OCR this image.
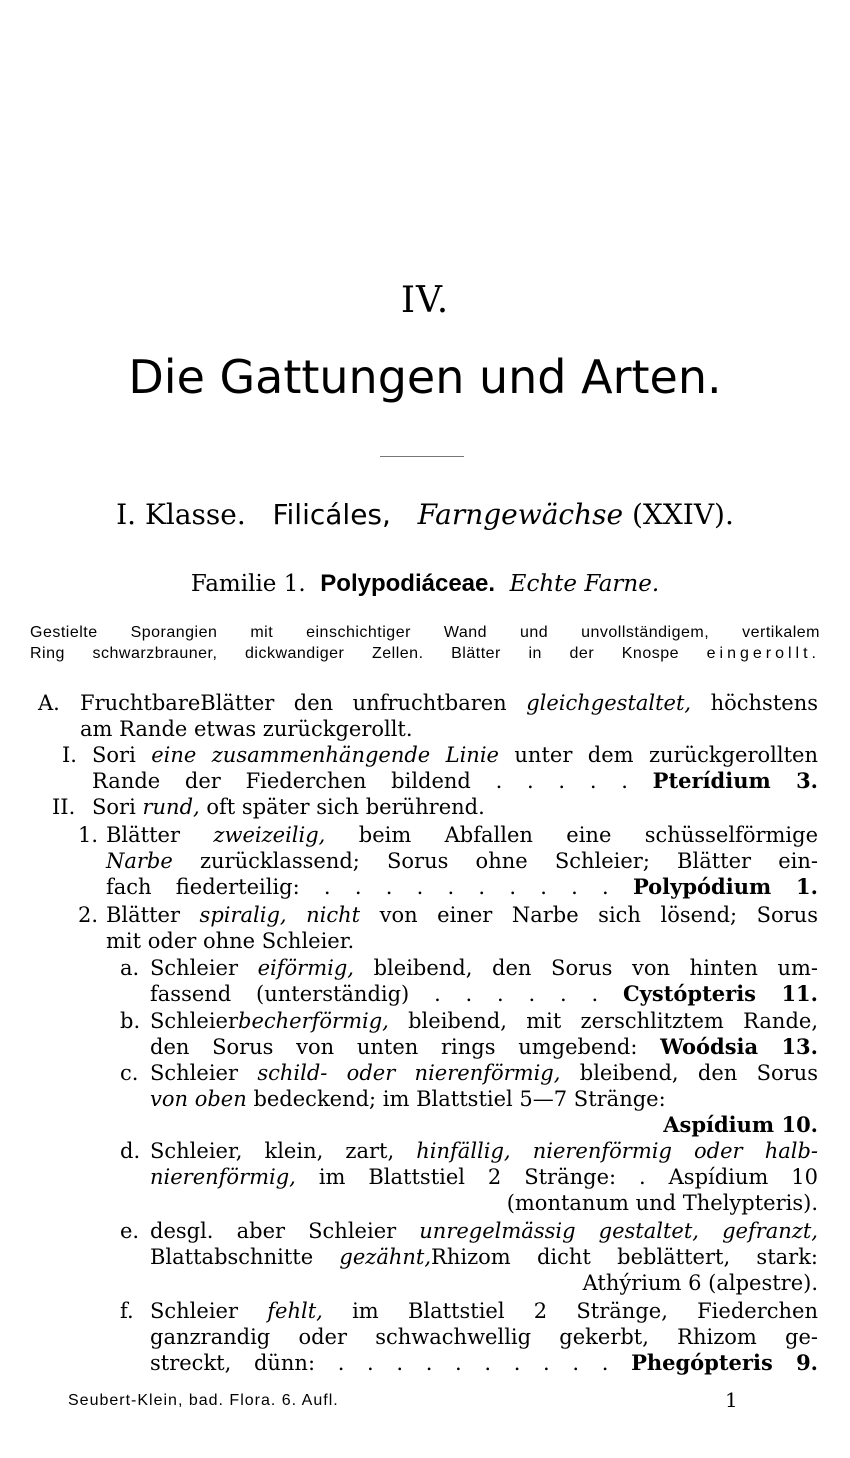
IV.
Die Gattungen und Arten.
I. Klasse. Filicáles, Farngewächse (XXIV).
Familie 1. Polypodiáceae. Echte Farne.
Gestielte Sporangien mit einschichtiger Wand und unvollständigem, vertikalem
Ring schwarzbrauner, dickwandiger Zellen. Blätter in der Knospe eingerollt.
A. FruchtbareBlätter den unfruchtbaren gleichgestaltet, höchstens
am Rande etwas zurückgerollt.
I. Sori eine zusammenhängende Linie unter dem zurückgerollten
Rande der Fiederchen bildend . . . . . Pterídium 3.
II. Sori rund, oft später sich berührend.
1. Blätter zweizeilig, beim Abfallen eine schüsselförmige
Narbe zurücklassend; Sorus ohne Schleier; Blätter ein-
fach fiederteilig: . . . . . . . . . . Polypódium 1.
2. Blätter spiralig, nicht von einer Narbe sich lösend; Sorus
mit oder ohne Schleier.
a. Schleier eiförmig, bleibend, den Sorus von hinten um-
fassend (unterständig) . . . . . . Cystópteris 11.
b. Schleierbecherförmig, bleibend, mit zerschlitztem Rande,
den Sorus von unten rings umgebend: Woódsia 13.
c. Schleier schild- oder nierenförmig, bleibend, den Sorus
von oben bedeckend; im Blattstiel 5—7 Stränge:
Aspídium 10.
d. Schleier, klein, zart, hinfällig, nierenförmig oder halb-
nierenförmig, im Blattstiel 2 Stränge: . Aspídium 10
(montanum und Thelypteris).
e. desgl. aber Schleier unregelmässig gestaltet, gefranzt,
Blattabschnitte gezähnt,Rhizom dicht beblättert, stark:
Athýrium 6 (alpestre).
f. Schleier fehlt, im Blattstiel 2 Stränge, Fiederchen
ganzrandig oder schwachwellig gekerbt, Rhizom ge-
streckt, dünn: . . . . . . . . . . Phegópteris 9.
Seubert-Klein, bad. Flora. 6. Aufl.	1
